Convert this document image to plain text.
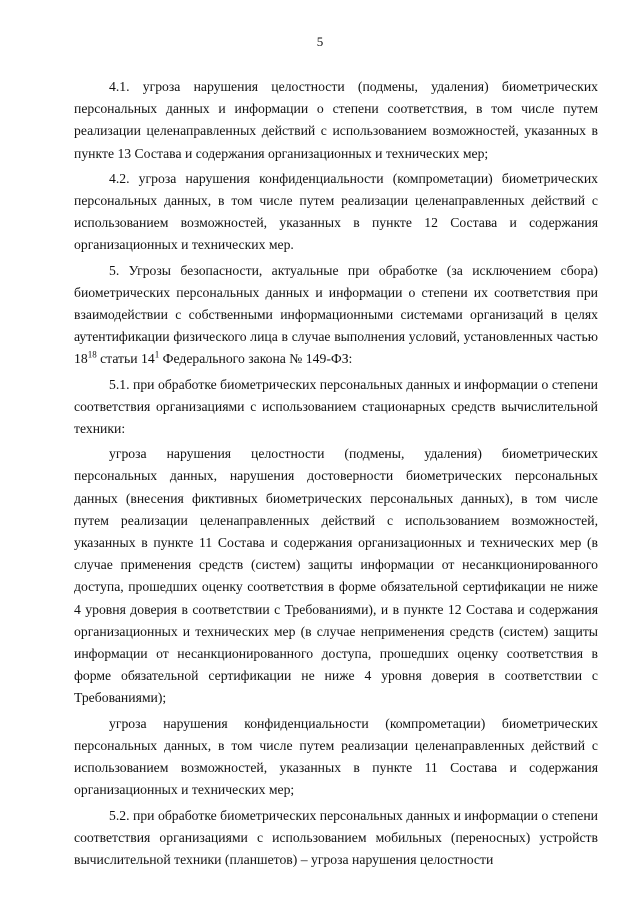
5

4.1. угроза нарушения целостности (подмены, удаления) биометрических персональных данных и информации о степени соответствия, в том числе путем реализации целенаправленных действий с использованием возможностей, указанных в пункте 13 Состава и содержания организационных и технических мер;

4.2. угроза нарушения конфиденциальности (компрометации) биометрических персональных данных, в том числе путем реализации целенаправленных действий с использованием возможностей, указанных в пункте 12 Состава и содержания организационных и технических мер.

5. Угрозы безопасности, актуальные при обработке (за исключением сбора) биометрических персональных данных и информации о степени их соответствия при взаимодействии с собственными информационными системами организаций в целях аутентификации физического лица в случае выполнения условий, установленных частью $18^{18}$ статьи $14^1$ Федерального закона № 149-ФЗ:

5.1. при обработке биометрических персональных данных и информации о степени соответствия организациями с использованием стационарных средств вычислительной техники:

угроза нарушения целостности (подмены, удаления) биометрических персональных данных, нарушения достоверности биометрических персональных данных (внесения фиктивных биометрических персональных данных), в том числе путем реализации целенаправленных действий с использованием возможностей, указанных в пункте 11 Состава и содержания организационных и технических мер (в случае применения средств (систем) защиты информации от несанкционированного доступа, прошедших оценку соответствия в форме обязательной сертификации не ниже 4 уровня доверия в соответствии с Требованиями), и в пункте 12 Состава и содержания организационных и технических мер (в случае неприменения средств (систем) защиты информации от несанкционированного доступа, прошедших оценку соответствия в форме обязательной сертификации не ниже 4 уровня доверия в соответствии с Требованиями);

угроза нарушения конфиденциальности (компрометации) биометрических персональных данных, в том числе путем реализации целенаправленных действий с использованием возможностей, указанных в пункте 11 Состава и содержания организационных и технических мер;

5.2. при обработке биометрических персональных данных и информации о степени соответствия организациями с использованием мобильных (переносных) устройств вычислительной техники (планшетов) – угроза нарушения целостности
